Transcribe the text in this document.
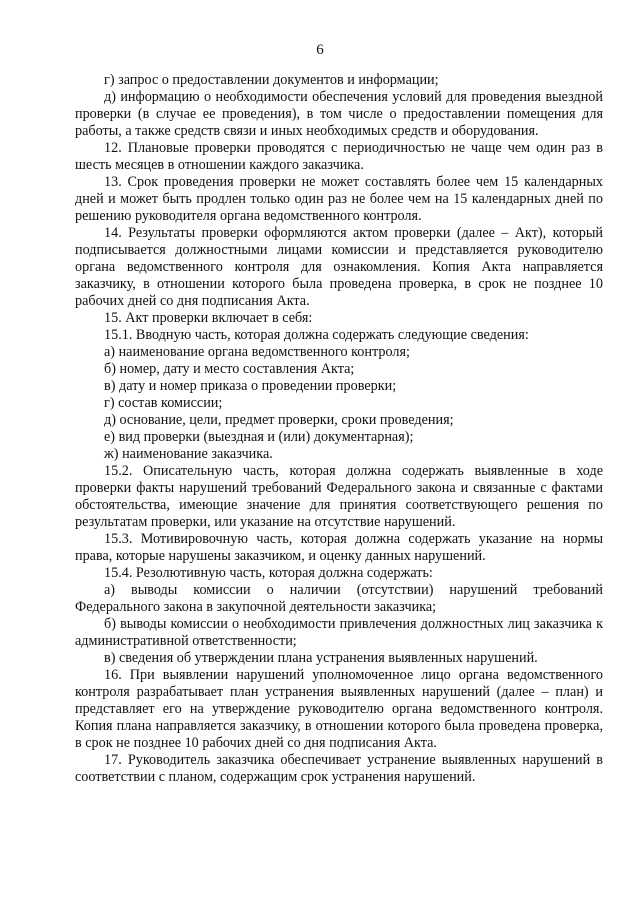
6

г) запрос о предоставлении документов и информации;

д) информацию о необходимости обеспечения условий для проведения выездной проверки (в случае ее проведения), в том числе о предоставлении помещения для работы, а также средств связи и иных необходимых средств и оборудования.

12. Плановые проверки проводятся с периодичностью не чаще чем один раз в шесть месяцев в отношении каждого заказчика.

13. Срок проведения проверки не может составлять более чем 15 календарных дней и может быть продлен только один раз не более чем на 15 календарных дней по решению руководителя органа ведомственного контроля.

14. Результаты проверки оформляются актом проверки (далее – Акт), который подписывается должностными лицами комиссии и представляется руководителю органа ведомственного контроля для ознакомления. Копия Акта направляется заказчику, в отношении которого была проведена проверка, в срок не позднее 10 рабочих дней со дня подписания Акта.

15. Акт проверки включает в себя:

15.1. Вводную часть, которая должна содержать следующие сведения:

а) наименование органа ведомственного контроля;

б) номер, дату и место составления Акта;

в) дату и номер приказа о проведении проверки;

г) состав комиссии;

д) основание, цели, предмет проверки, сроки проведения;

е) вид проверки (выездная и (или) документарная);

ж) наименование заказчика.

15.2. Описательную часть, которая должна содержать выявленные в ходе проверки факты нарушений требований Федерального закона и связанные с фактами обстоятельства, имеющие значение для принятия соответствующего решения по результатам проверки, или указание на отсутствие нарушений.

15.3. Мотивировочную часть, которая должна содержать указание на нормы права, которые нарушены заказчиком, и оценку данных нарушений.

15.4. Резолютивную часть, которая должна содержать:

а) выводы комиссии о наличии (отсутствии) нарушений требований Федерального закона в закупочной деятельности заказчика;

б) выводы комиссии о необходимости привлечения должностных лиц заказчика к административной ответственности;

в) сведения об утверждении плана устранения выявленных нарушений.

16. При выявлении нарушений уполномоченное лицо органа ведомственного контроля разрабатывает план устранения выявленных нарушений (далее – план) и представляет его на утверждение руководителю органа ведомственного контроля. Копия плана направляется заказчику, в отношении которого была проведена проверка, в срок не позднее 10 рабочих дней со дня подписания Акта.

17. Руководитель заказчика обеспечивает устранение выявленных нарушений в соответствии с планом, содержащим срок устранения нарушений.
